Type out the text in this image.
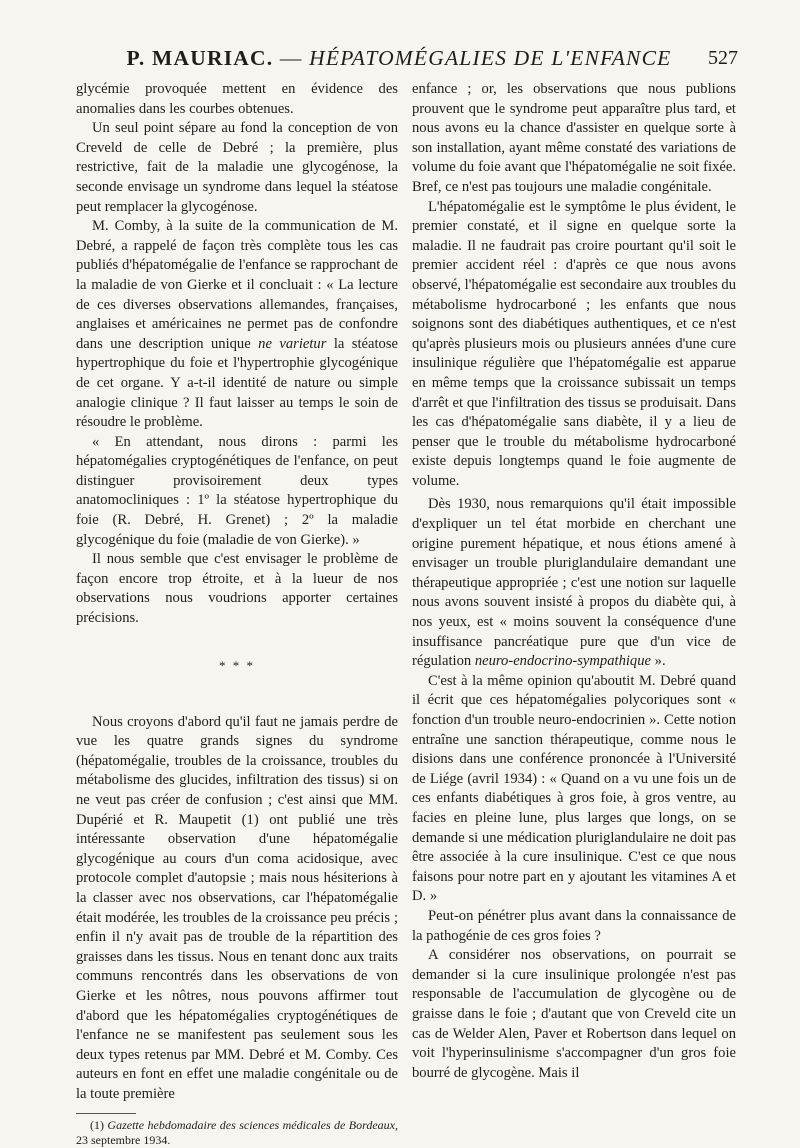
P. MAURIAC. — HÉPATOMÉGALIES DE L'ENFANCE	527

glycémie provoquée mettent en évidence des anomalies dans les courbes obtenues.

Un seul point sépare au fond la conception de von Creveld de celle de Debré ; la première, plus restrictive, fait de la maladie une glycogénose, la seconde envisage un syndrome dans lequel la stéatose peut remplacer la glycogénose.

M. Comby, à la suite de la communication de M. Debré, a rappelé de façon très complète tous les cas publiés d'hépatomégalie de l'enfance se rapprochant de la maladie de von Gierke et il concluait : « La lecture de ces diverses observations allemandes, françaises, anglaises et américaines ne permet pas de confondre dans une description unique ne varietur la stéatose hypertrophique du foie et l'hypertrophie glycogénique de cet organe. Y a-t-il identité de nature ou simple analogie clinique ? Il faut laisser au temps le soin de résoudre le problème.

« En attendant, nous dirons : parmi les hépatomégalies cryptogénétiques de l'enfance, on peut distinguer provisoirement deux types anatomocliniques : 1º la stéatose hypertrophique du foie (R. Debré, H. Grenet) ; 2º la maladie glycogénique du foie (maladie de von Gierke). »

Il nous semble que c'est envisager le problème de façon encore trop étroite, et à la lueur de nos observations nous voudrions apporter certaines précisions.

* * *

Nous croyons d'abord qu'il faut ne jamais perdre de vue les quatre grands signes du syndrome (hépatomégalie, troubles de la croissance, troubles du métabolisme des glucides, infiltration des tissus) si on ne veut pas créer de confusion ; c'est ainsi que MM. Dupérié et R. Maupetit (1) ont publié une très intéressante observation d'une hépatomégalie glycogénique au cours d'un coma acidosique, avec protocole complet d'autopsie ; mais nous hésiterions à la classer avec nos observations, car l'hépatomégalie était modérée, les troubles de la croissance peu précis ; enfin il n'y avait pas de trouble de la répartition des graisses dans les tissus. Nous en tenant donc aux traits communs rencontrés dans les observations de von Gierke et les nôtres, nous pouvons affirmer tout d'abord que les hépatomégalies cryptogénétiques de l'enfance ne se manifestent pas seulement sous les deux types retenus par MM. Debré et M. Comby. Ces auteurs en font en effet une maladie congénitale ou de la toute première

(1) Gazette hebdomadaire des sciences médicales de Bordeaux, 23 septembre 1934.

enfance ; or, les observations que nous publions prouvent que le syndrome peut apparaître plus tard, et nous avons eu la chance d'assister en quelque sorte à son installation, ayant même constaté des variations de volume du foie avant que l'hépatomégalie ne soit fixée. Bref, ce n'est pas toujours une maladie congénitale.

L'hépatomégalie est le symptôme le plus évident, le premier constaté, et il signe en quelque sorte la maladie. Il ne faudrait pas croire pourtant qu'il soit le premier accident réel : d'après ce que nous avons observé, l'hépatomégalie est secondaire aux troubles du métabolisme hydrocarboné ; les enfants que nous soignons sont des diabétiques authentiques, et ce n'est qu'après plusieurs mois ou plusieurs années d'une cure insulinique régulière que l'hépatomégalie est apparue en même temps que la croissance subissait un temps d'arrêt et que l'infiltration des tissus se produisait. Dans les cas d'hépatomégalie sans diabète, il y a lieu de penser que le trouble du métabolisme hydrocarboné existe depuis longtemps quand le foie augmente de volume.

Dès 1930, nous remarquions qu'il était impossible d'expliquer un tel état morbide en cherchant une origine purement hépatique, et nous étions amené à envisager un trouble pluriglandulaire demandant une thérapeutique appropriée ; c'est une notion sur laquelle nous avons souvent insisté à propos du diabète qui, à nos yeux, est « moins souvent la conséquence d'une insuffisance pancréatique pure que d'un vice de régulation neuro-endocrino-sympathique ».

C'est à la même opinion qu'aboutit M. Debré quand il écrit que ces hépatomégalies polycoriques sont « fonction d'un trouble neuro-endocrinien ». Cette notion entraîne une sanction thérapeutique, comme nous le disions dans une conférence prononcée à l'Université de Liége (avril 1934) : « Quand on a vu une fois un de ces enfants diabétiques à gros foie, à gros ventre, au facies en pleine lune, plus larges que longs, on se demande si une médication pluriglandulaire ne doit pas être associée à la cure insulinique. C'est ce que nous faisons pour notre part en y ajoutant les vitamines A et D. »

Peut-on pénétrer plus avant dans la connaissance de la pathogénie de ces gros foies ?

A considérer nos observations, on pourrait se demander si la cure insulinique prolongée n'est pas responsable de l'accumulation de glycogène ou de graisse dans le foie ; d'autant que von Creveld cite un cas de Welder Alen, Paver et Robertson dans lequel on voit l'hyperinsulinisme s'accompagner d'un gros foie bourré de glycogène. Mais il
